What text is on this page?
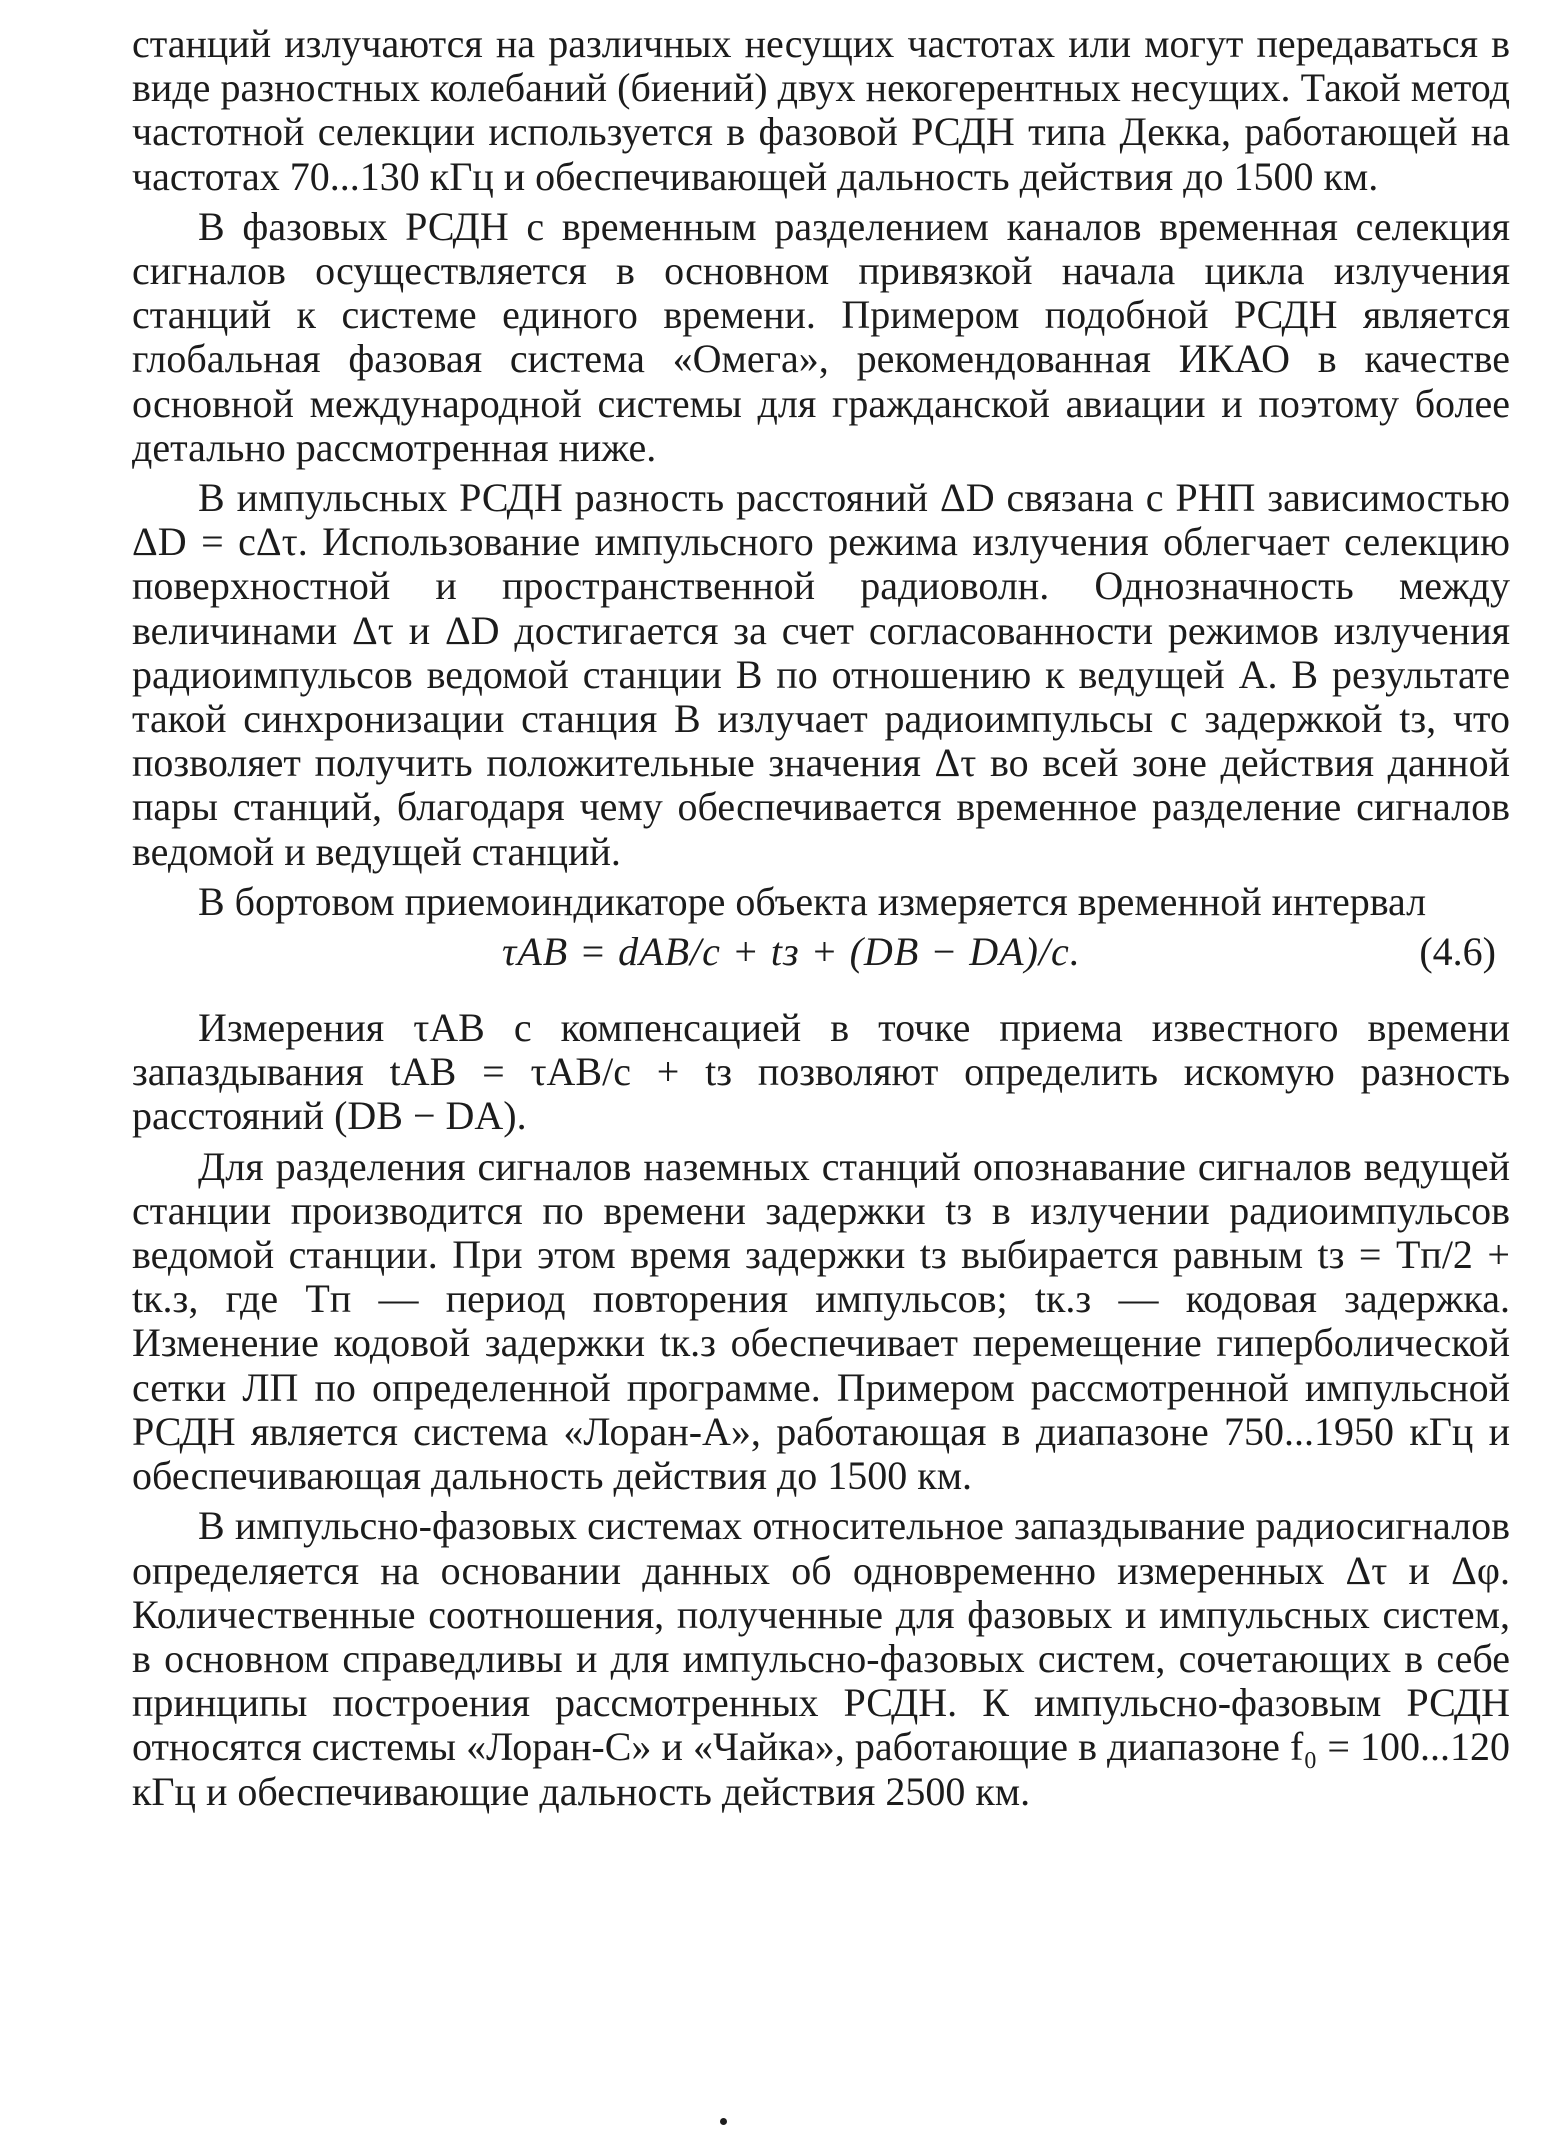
станций излучаются на различных несущих частотах или могут передаваться в виде разностных колебаний (биений) двух некогерентных несущих. Такой метод частотной селекции используется в фазовой РСДН типа Декка, работающей на частотах 70...130 кГц и обеспечивающей дальность действия до 1500 км.

В фазовых РСДН с временным разделением каналов временная селекция сигналов осуществляется в основном привязкой начала цикла излучения станций к системе единого времени. Примером подобной РСДН является глобальная фазовая система «Омега», рекомендованная ИКАО в качестве основной международной системы для гражданской авиации и поэтому более детально рассмотренная ниже.

В импульсных РСДН разность расстояний ΔD связана с РНП зависимостью ΔD = cΔτ. Использование импульсного режима излучения облегчает селекцию поверхностной и пространственной радиоволн. Однозначность между величинами Δτ и ΔD достигается за счет согласованности режимов излучения радиоимпульсов ведомой станции B по отношению к ведущей A. В результате такой синхронизации станция B излучает радиоимпульсы с задержкой tз, что позволяет получить положительные значения Δτ во всей зоне действия данной пары станций, благодаря чему обеспечивается временное разделение сигналов ведомой и ведущей станций.

В бортовом приемоиндикаторе объекта измеряется временной интервал

τAB = dAB/c + tз + (DB − DA)/c.	(4.6)

Измерения τAB с компенсацией в точке приема известного времени запаздывания tAB = τAB/c + tз позволяют определить искомую разность расстояний (DB − DA).

Для разделения сигналов наземных станций опознавание сигналов ведущей станции производится по времени задержки tз в излучении радиоимпульсов ведомой станции. При этом время задержки tз выбирается равным tз = Tп/2 + tк.з, где Tп — период повторения импульсов; tк.з — кодовая задержка. Изменение кодовой задержки tк.з обеспечивает перемещение гиперболической сетки ЛП по определенной программе. Примером рассмотренной импульсной РСДН является система «Лоран-А», работающая в диапазоне 750...1950 кГц и обеспечивающая дальность действия до 1500 км.

В импульсно-фазовых системах относительное запаздывание радиосигналов определяется на основании данных об одновременно измеренных Δτ и Δφ. Количественные соотношения, полученные для фазовых и импульсных систем, в основном справедливы и для импульсно-фазовых систем, сочетающих в себе принципы построения рассмотренных РСДН. К импульсно-фазовым РСДН относятся системы «Лоран-С» и «Чайка», работающие в диапазоне f₀ = 100...120 кГц и обеспечивающие дальность действия 2500 км.
